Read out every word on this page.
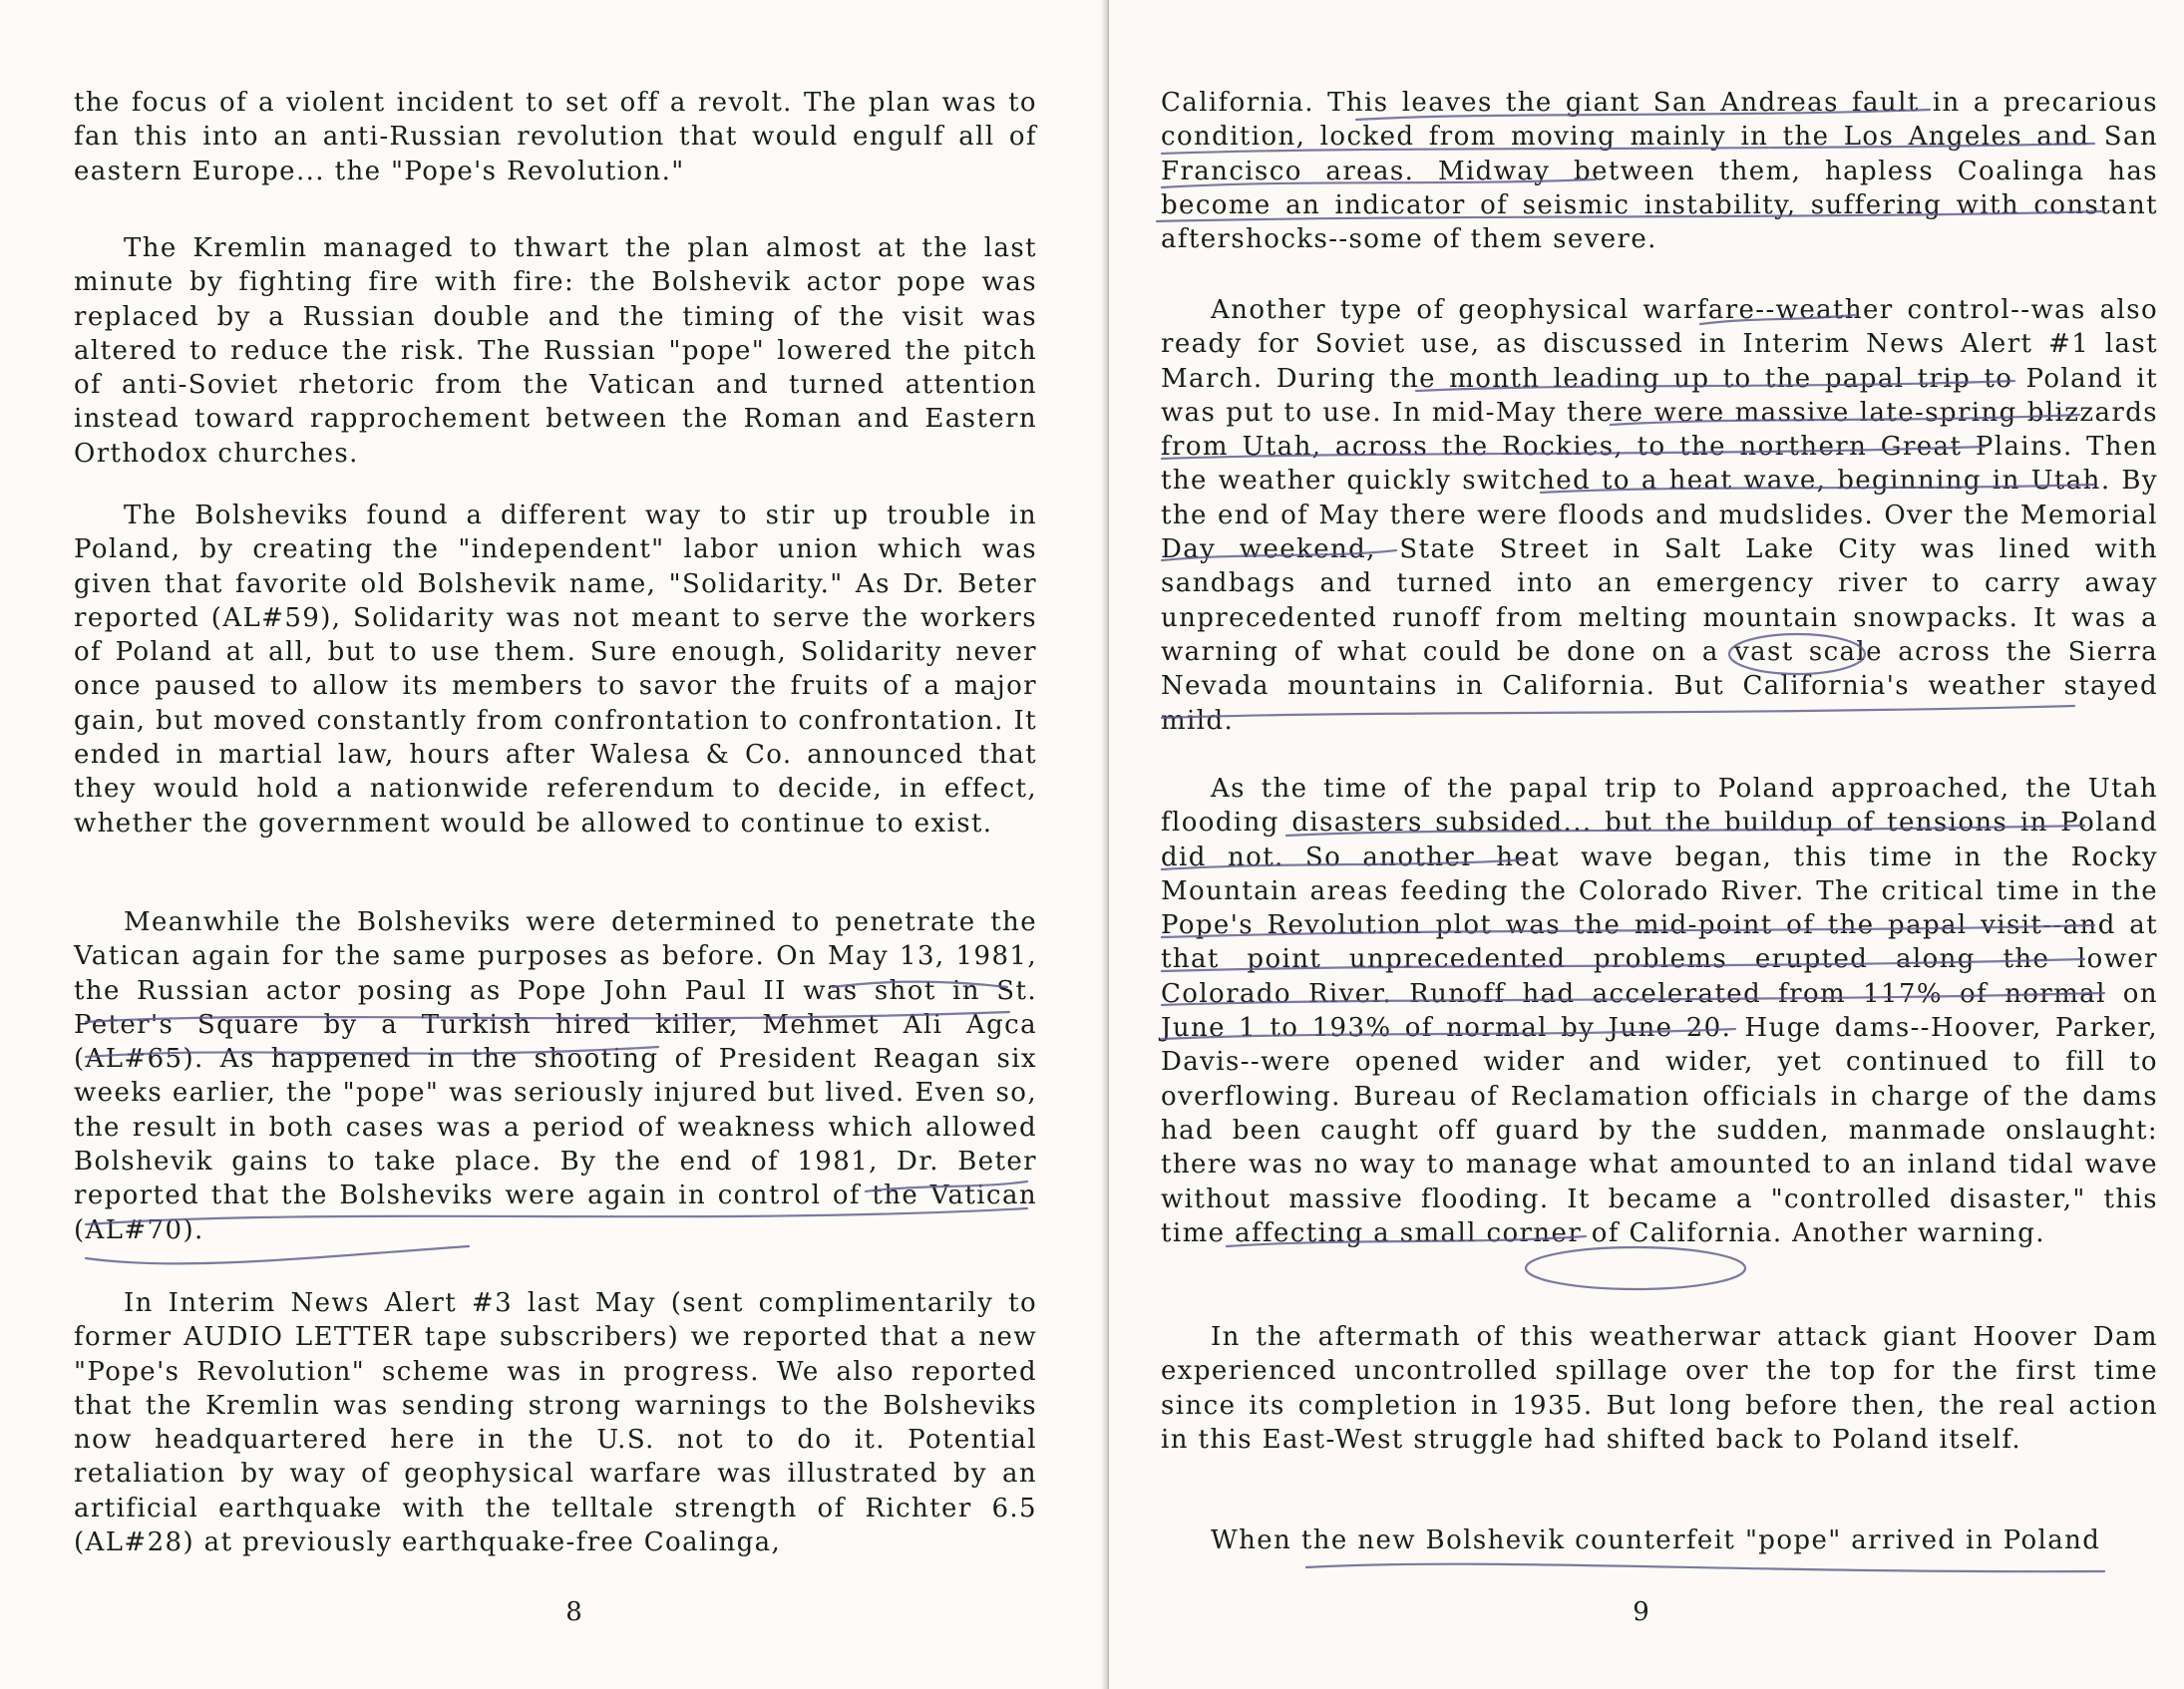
the focus of a violent incident to set off a revolt. The plan was to fan this into an anti-Russian revolution that would engulf all of eastern Europe... the "Pope's Revolution."

The Kremlin managed to thwart the plan almost at the last minute by fighting fire with fire: the Bolshevik actor pope was replaced by a Russian double and the timing of the visit was altered to reduce the risk. The Russian "pope" lowered the pitch of anti-Soviet rhetoric from the Vatican and turned attention instead toward rapprochement between the Roman and Eastern Orthodox churches.

The Bolsheviks found a different way to stir up trouble in Poland, by creating the "independent" labor union which was given that favorite old Bolshevik name, "Solidarity." As Dr. Beter reported (AL#59), Solidarity was not meant to serve the workers of Poland at all, but to use them. Sure enough, Solidarity never once paused to allow its members to savor the fruits of a major gain, but moved constantly from confrontation to confrontation. It ended in martial law, hours after Walesa & Co. announced that they would hold a nationwide referendum to decide, in effect, whether the government would be allowed to continue to exist.

Meanwhile the Bolsheviks were determined to penetrate the Vatican again for the same purposes as before. On May 13, 1981, the Russian actor posing as Pope John Paul II was shot in St. Peter's Square by a Turkish hired killer, Mehmet Ali Agca (AL#65). As happened in the shooting of President Reagan six weeks earlier, the "pope" was seriously injured but lived. Even so, the result in both cases was a period of weakness which allowed Bolshevik gains to take place. By the end of 1981, Dr. Beter reported that the Bolsheviks were again in control of the Vatican (AL#70).

In Interim News Alert #3 last May (sent complimentarily to former AUDIO LETTER tape subscribers) we reported that a new "Pope's Revolution" scheme was in progress. We also reported that the Kremlin was sending strong warnings to the Bolsheviks now headquartered here in the U.S. not to do it. Potential retaliation by way of geophysical warfare was illustrated by an artificial earthquake with the telltale strength of Richter 6.5 (AL#28) at previously earthquake-free Coalinga,

8

California. This leaves the giant San Andreas fault in a precarious condition, locked from moving mainly in the Los Angeles and San Francisco areas. Midway between them, hapless Coalinga has become an indicator of seismic instability, suffering with constant aftershocks--some of them severe.

Another type of geophysical warfare--weather control--was also ready for Soviet use, as discussed in Interim News Alert #1 last March. During the month leading up to the papal trip to Poland it was put to use. In mid-May there were massive late-spring blizzards from Utah, across the Rockies, to the northern Great Plains. Then the weather quickly switched to a heat wave, beginning in Utah. By the end of May there were floods and mudslides. Over the Memorial Day weekend, State Street in Salt Lake City was lined with sandbags and turned into an emergency river to carry away unprecedented runoff from melting mountain snowpacks. It was a warning of what could be done on a vast scale across the Sierra Nevada mountains in California. But California's weather stayed mild.

As the time of the papal trip to Poland approached, the Utah flooding disasters subsided... but the buildup of tensions in Poland did not. So another heat wave began, this time in the Rocky Mountain areas feeding the Colorado River. The critical time in the Pope's Revolution plot was the mid-point of the papal visit--and at that point unprecedented problems erupted along the lower Colorado River. Runoff had accelerated from 117% of normal on June 1 to 193% of normal by June 20. Huge dams--Hoover, Parker, Davis--were opened wider and wider, yet continued to fill to overflowing. Bureau of Reclamation officials in charge of the dams had been caught off guard by the sudden, manmade onslaught: there was no way to manage what amounted to an inland tidal wave without massive flooding. It became a "controlled disaster," this time affecting a small corner of California. Another warning.

In the aftermath of this weatherwar attack giant Hoover Dam experienced uncontrolled spillage over the top for the first time since its completion in 1935. But long before then, the real action in this East-West struggle had shifted back to Poland itself.

When the new Bolshevik counterfeit "pope" arrived in Poland

9
